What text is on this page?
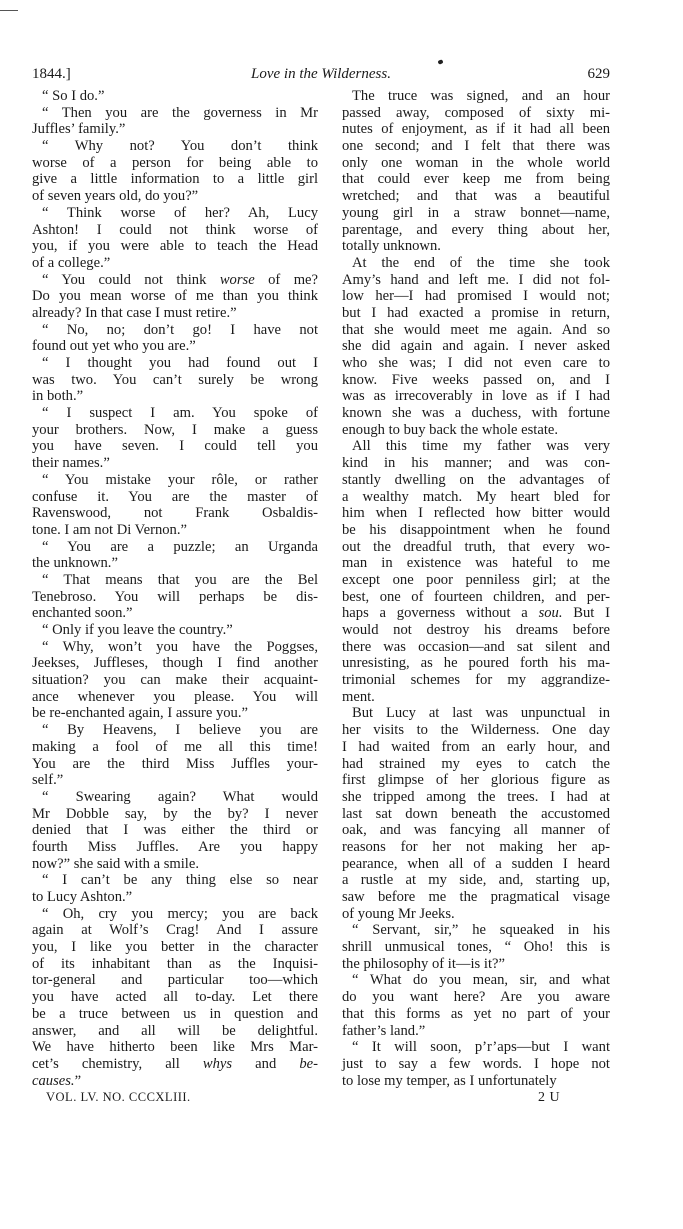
1844.]	Love in the Wilderness.	629
“ So I do.”
“ Then you are the governess in Mr
Juffles’ family.”
“ Why not? You don’t think
worse of a person for being able to
give a little information to a little girl
of seven years old, do you?”
“ Think worse of her? Ah, Lucy
Ashton! I could not think worse of
you, if you were able to teach the Head
of a college.”
“ You could not think worse of me?
Do you mean worse of me than you think
already? In that case I must retire.”
“ No, no; don’t go! I have not
found out yet who you are.”
“ I thought you had found out I
was two. You can’t surely be wrong
in both.”
“ I suspect I am. You spoke of
your brothers. Now, I make a guess
you have seven. I could tell you
their names.”
“ You mistake your rôle, or rather
confuse it. You are the master of
Ravenswood, not Frank Osbaldis-
tone. I am not Di Vernon.”
“ You are a puzzle; an Urganda
the unknown.”
“ That means that you are the Bel
Tenebroso. You will perhaps be dis-
enchanted soon.”
“ Only if you leave the country.”
“ Why, won’t you have the Poggses,
Jeekses, Juffleses, though I find another
situation? you can make their acquaint-
ance whenever you please. You will
be re-enchanted again, I assure you.”
“ By Heavens, I believe you are
making a fool of me all this time!
You are the third Miss Juffles your-
self.”
“ Swearing again? What would
Mr Dobble say, by the by? I never
denied that I was either the third or
fourth Miss Juffles. Are you happy
now?” she said with a smile.
“ I can’t be any thing else so near
to Lucy Ashton.”
“ Oh, cry you mercy; you are back
again at Wolf’s Crag! And I assure
you, I like you better in the character
of its inhabitant than as the Inquisi-
tor-general and particular too—which
you have acted all to-day. Let there
be a truce between us in question and
answer, and all will be delightful.
We have hitherto been like Mrs Mar-
cet’s chemistry, all whys and be-
causes.”
The truce was signed, and an hour
passed away, composed of sixty mi-
nutes of enjoyment, as if it had all been
one second; and I felt that there was
only one woman in the whole world
that could ever keep me from being
wretched; and that was a beautiful
young girl in a straw bonnet—name,
parentage, and every thing about her,
totally unknown.
At the end of the time she took
Amy’s hand and left me. I did not fol-
low her—I had promised I would not;
but I had exacted a promise in return,
that she would meet me again. And so
she did again and again. I never asked
who she was; I did not even care to
know. Five weeks passed on, and I
was as irrecoverably in love as if I had
known she was a duchess, with fortune
enough to buy back the whole estate.
All this time my father was very
kind in his manner; and was con-
stantly dwelling on the advantages of
a wealthy match. My heart bled for
him when I reflected how bitter would
be his disappointment when he found
out the dreadful truth, that every wo-
man in existence was hateful to me
except one poor penniless girl; at the
best, one of fourteen children, and per-
haps a governess without a sou. But I
would not destroy his dreams before
there was occasion—and sat silent and
unresisting, as he poured forth his ma-
trimonial schemes for my aggrandize-
ment.
But Lucy at last was unpunctual in
her visits to the Wilderness. One day
I had waited from an early hour, and
had strained my eyes to catch the
first glimpse of her glorious figure as
she tripped among the trees. I had at
last sat down beneath the accustomed
oak, and was fancying all manner of
reasons for her not making her ap-
pearance, when all of a sudden I heard
a rustle at my side, and, starting up,
saw before me the pragmatical visage
of young Mr Jeeks.
“ Servant, sir,” he squeaked in his
shrill unmusical tones, “ Oho! this is
the philosophy of it—is it?”
“ What do you mean, sir, and what
do you want here? Are you aware
that this forms as yet no part of your
father’s land.”
“ It will soon, p’r’aps—but I want
just to say a few words. I hope not
to lose my temper, as I unfortunately
VOL. LV. NO. CCCXLIII.	2 U
